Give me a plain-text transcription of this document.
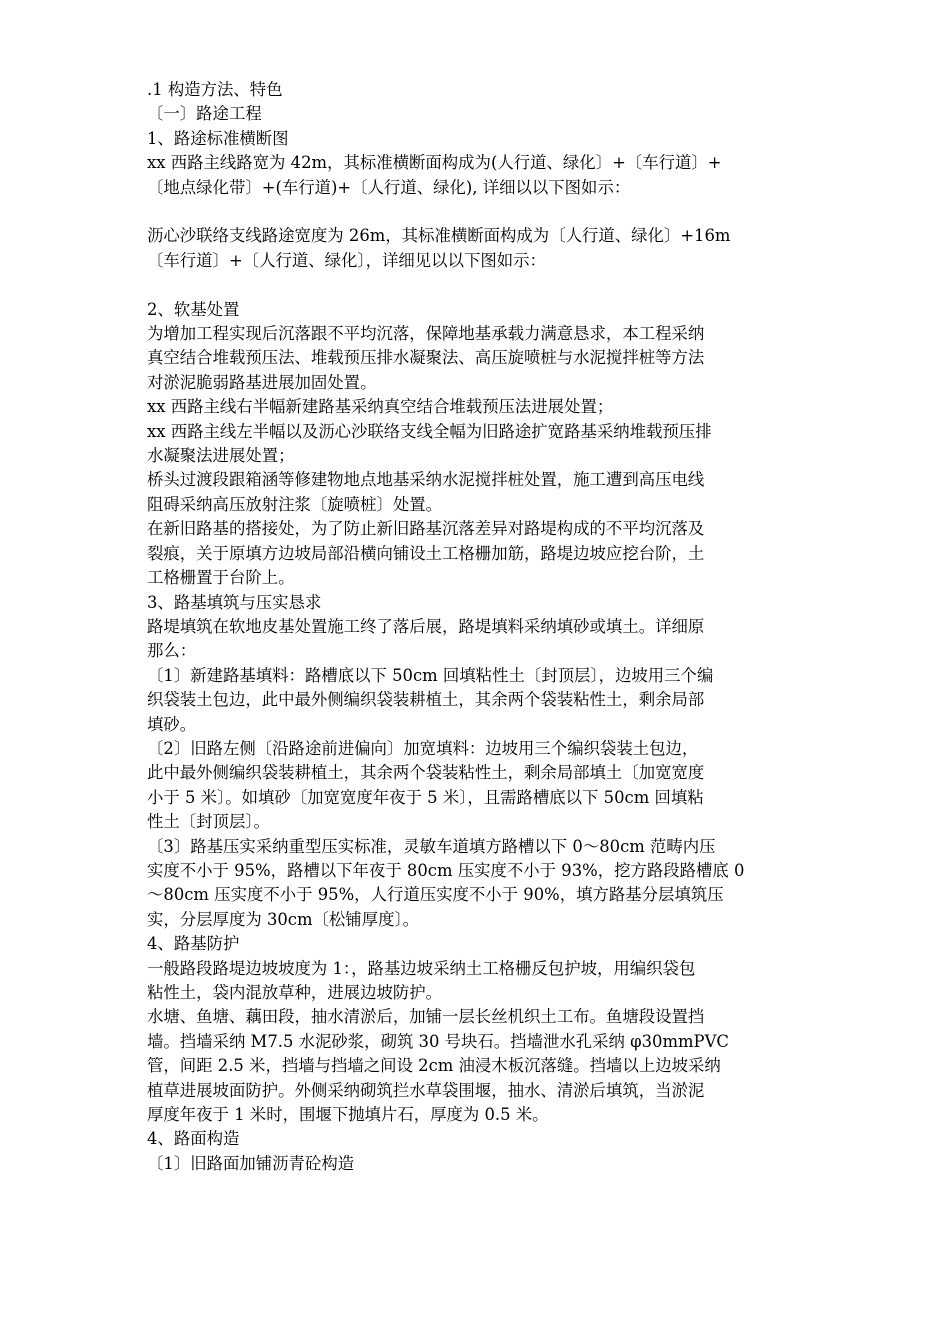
.1 构造方法、特色
〔一〕路途工程
1、路途标准横断图
xx 西路主线路宽为 42m，其标准横断面构成为(人行道、绿化〕+〔车行道〕+
〔地点绿化带〕+(车行道)+〔人行道、绿化), 详细以以下图如示：
沥心沙联络支线路途宽度为 26m，其标准横断面构成为〔人行道、绿化〕+16m
〔车行道〕+〔人行道、绿化〕，详细见以以下图如示：
2、软基处置
为增加工程实现后沉落跟不平均沉落，保障地基承载力满意恳求，本工程采纳
真空结合堆载预压法、堆载预压排水凝聚法、高压旋喷桩与水泥搅拌桩等方法
对淤泥脆弱路基进展加固处置。
xx 西路主线右半幅新建路基采纳真空结合堆载预压法进展处置；
xx 西路主线左半幅以及沥心沙联络支线全幅为旧路途扩宽路基采纳堆载预压排
水凝聚法进展处置；
桥头过渡段跟箱涵等修建物地点地基采纳水泥搅拌桩处置，施工遭到高压电线
阻碍采纳高压放射注浆〔旋喷桩〕处置。
在新旧路基的搭接处，为了防止新旧路基沉落差异对路堤构成的不平均沉落及
裂痕，关于原填方边坡局部沿横向铺设土工格栅加筋，路堤边坡应挖台阶，土
工格栅置于台阶上。
3、路基填筑与压实恳求
路堤填筑在软地皮基处置施工终了落后展，路堤填料采纳填砂或填土。详细原
那么：
〔1〕新建路基填料：路槽底以下 50cm 回填粘性土〔封顶层〕，边坡用三个编
织袋装土包边，此中最外侧编织袋装耕植土，其余两个袋装粘性土，剩余局部
填砂。
〔2〕旧路左侧〔沿路途前进偏向〕加宽填料：边坡用三个编织袋装土包边，
此中最外侧编织袋装耕植土，其余两个袋装粘性土，剩余局部填土〔加宽宽度
小于 5 米〕。如填砂〔加宽宽度年夜于 5 米〕，且需路槽底以下 50cm 回填粘
性土〔封顶层〕。
〔3〕路基压实采纳重型压实标准，灵敏车道填方路槽以下 0～80cm 范畴内压
实度不小于 95%，路槽以下年夜于 80cm 压实度不小于 93%，挖方路段路槽底 0
～80cm 压实度不小于 95%，人行道压实度不小于 90%，填方路基分层填筑压
实，分层厚度为 30cm〔松铺厚度〕。
4、路基防护
一般路段路堤边坡坡度为 1：，路基边坡采纳土工格栅反包护坡，用编织袋包
粘性土，袋内混放草种，进展边坡防护。
水塘、鱼塘、藕田段，抽水清淤后，加铺一层长丝机织土工布。鱼塘段设置挡
墙。挡墙采纳 M7.5 水泥砂浆，砌筑 30 号块石。挡墙泄水孔采纳 φ30mmPVC
管，间距 2.5 米，挡墙与挡墙之间设 2cm 油浸木板沉落缝。挡墙以上边坡采纳
植草进展坡面防护。外侧采纳砌筑拦水草袋围堰，抽水、清淤后填筑，当淤泥
厚度年夜于 1 米时，围堰下抛填片石，厚度为 0.5 米。
4、路面构造
〔1〕旧路面加铺沥青砼构造
